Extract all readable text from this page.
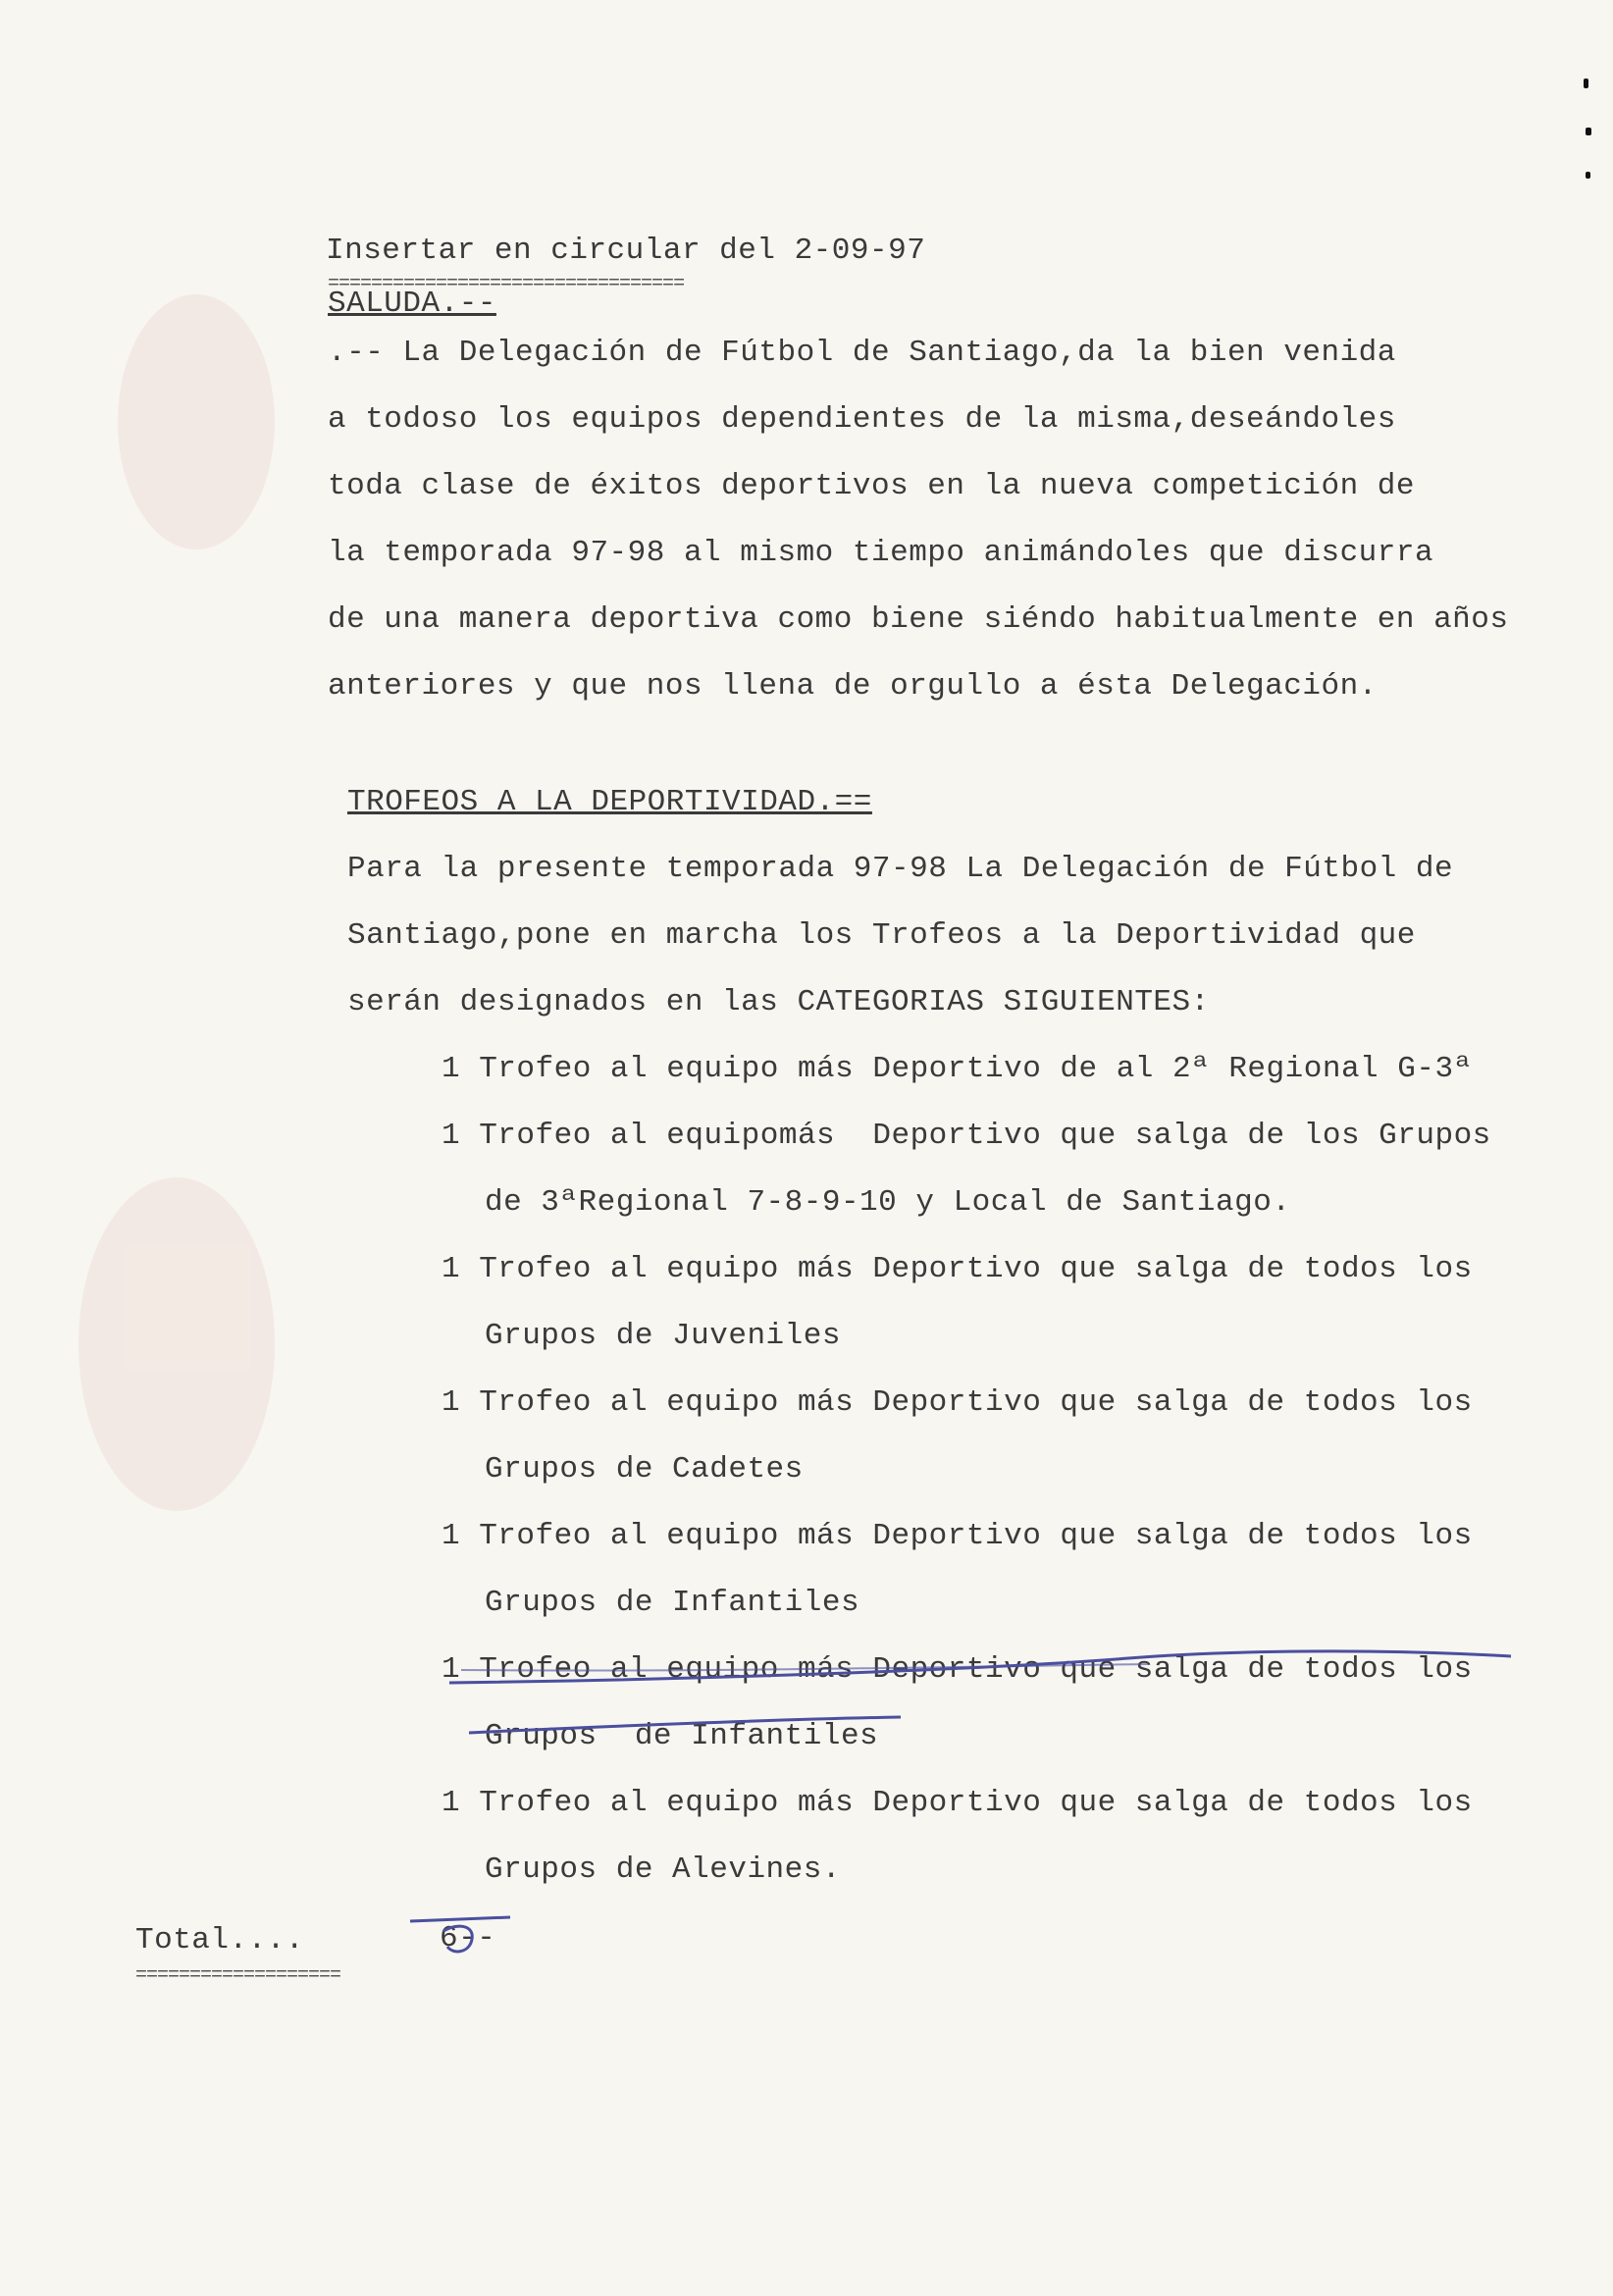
Insertar en circular del 2-09-97
=================================
SALUDA.--
.-- La Delegación de Fútbol de Santiago,da la bien venida
a todoso los equipos dependientes de la misma,deseándoles
toda clase de éxitos deportivos en la nueva competición de
la temporada 97-98 al mismo tiempo animándoles que discurra
de una manera deportiva como biene siéndo habitualmente en años
anteriores y que nos llena de orgullo a ésta Delegación.
TROFEOS A LA DEPORTIVIDAD.==
Para la presente temporada 97-98 La Delegación de Fútbol de
Santiago,pone en marcha los Trofeos a la Deportividad que
serán designados en las CATEGORIAS SIGUIENTES:
1 Trofeo al equipo más Deportivo de al 2ª Regional G-3ª
1 Trofeo al equipomás  Deportivo que salga de los Grupos
de 3ªRegional 7-8-9-10 y Local de Santiago.
1 Trofeo al equipo más Deportivo que salga de todos los
Grupos de Juveniles
1 Trofeo al equipo más Deportivo que salga de todos los
Grupos de Cadetes
1 Trofeo al equipo más Deportivo que salga de todos los
Grupos de Infantiles
1 Trofeo al equipo más Deportivo que salga de todos los
Grupos  de Infantiles
1 Trofeo al equipo más Deportivo que salga de todos los
Grupos de Alevines.
Total....	6--
===================
